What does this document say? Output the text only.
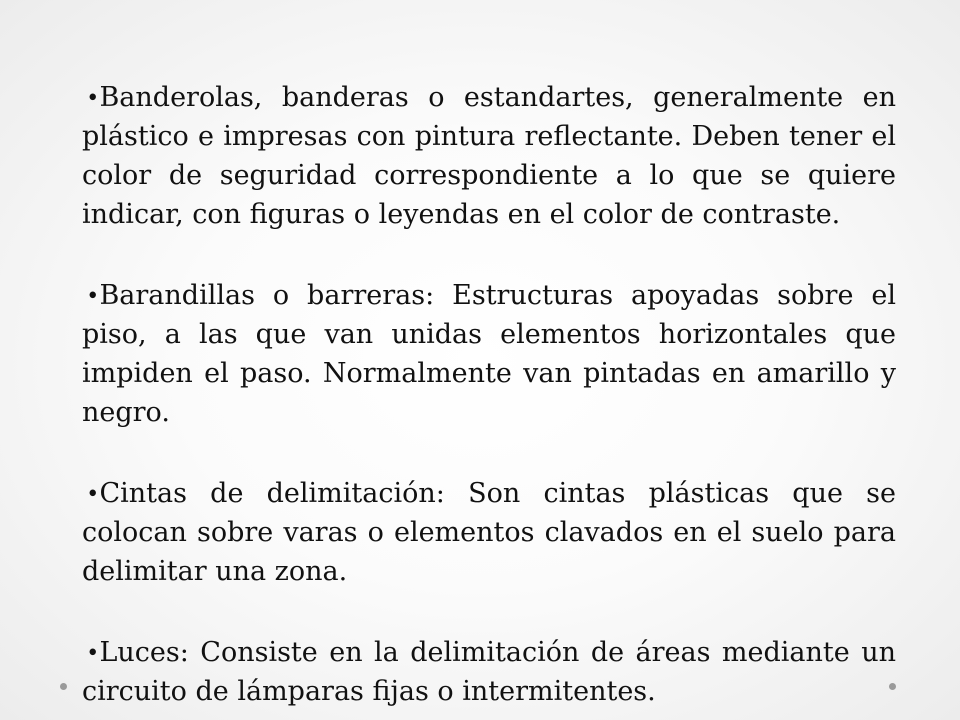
•Banderolas, banderas o estandartes, generalmente en plástico e impresas con pintura reflectante. Deben tener el color de seguridad correspondiente a lo que se quiere indicar, con figuras o leyendas en el color de contraste.

•Barandillas o barreras: Estructuras apoyadas sobre el piso, a las que van unidas elementos horizontales que impiden el paso. Normalmente van pintadas en amarillo y negro.

•Cintas de delimitación: Son cintas plásticas que se colocan sobre varas o elementos clavados en el suelo para delimitar una zona.

•Luces: Consiste en la delimitación de áreas mediante un circuito de lámparas fijas o intermitentes.
